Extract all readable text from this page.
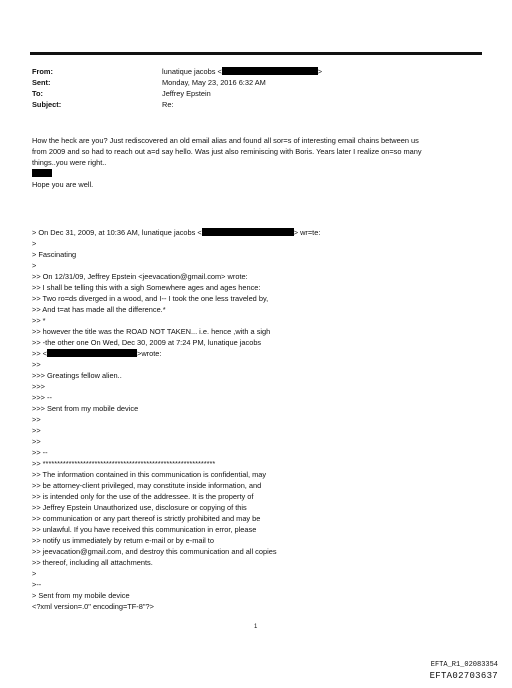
From:	lunatique jacobs <	>
Sent:	Monday, May 23, 2016 6:32 AM
To:	Jeffrey Epstein
Subject:	Re:
How the heck are you? Just rediscovered an old email alias and found all sor=s of interesting email chains between us
from 2009 and so had to reach out a=d say hello. Was just also reminiscing with Boris. Years later I realize on=so many
things..you were right..
Hope you are well.
> On Dec 31, 2009, at 10:36 AM, lunatique jacobs <	> wr=te:
>
> Fascinating
>
>> On 12/31/09, Jeffrey Epstein <jeevacation@gmail.com> wrote:
>> I shall be telling this with a sigh Somewhere ages and ages hence:
>> Two ro=ds diverged in a wood, and I-- I took the one less traveled by,
>> And t=at has made all the difference.*
>> *
>> however the title was the ROAD NOT TAKEN... i.e. hence ,with a sigh
>> -the other one On Wed, Dec 30, 2009 at 7:24 PM, lunatique jacobs
>> <	>wrote:
>>
>>> Greatings fellow alien..
>>>
>>> --
>>> Sent from my mobile device
>>
>>
>>
>> --
>> ************************************************************
>> The information contained in this communication is confidential, may
>> be attorney-client privileged, may constitute inside information, and
>> is intended only for the use of the addressee. It is the property of
>> Jeffrey Epstein Unauthorized use, disclosure or copying of this
>> communication or any part thereof is strictly prohibited and may be
>> unlawful. If you have received this communication in error, please
>> notify us immediately by return e-mail or by e-mail to
>> jeevacation@gmail.com, and destroy this communication and all copies
>> thereof, including all attachments.
>
>--
> Sent from my mobile device
<?xml version=.0" encoding=TF-8"?>
1
EFTA_R1_02083354
EFTA02703637
